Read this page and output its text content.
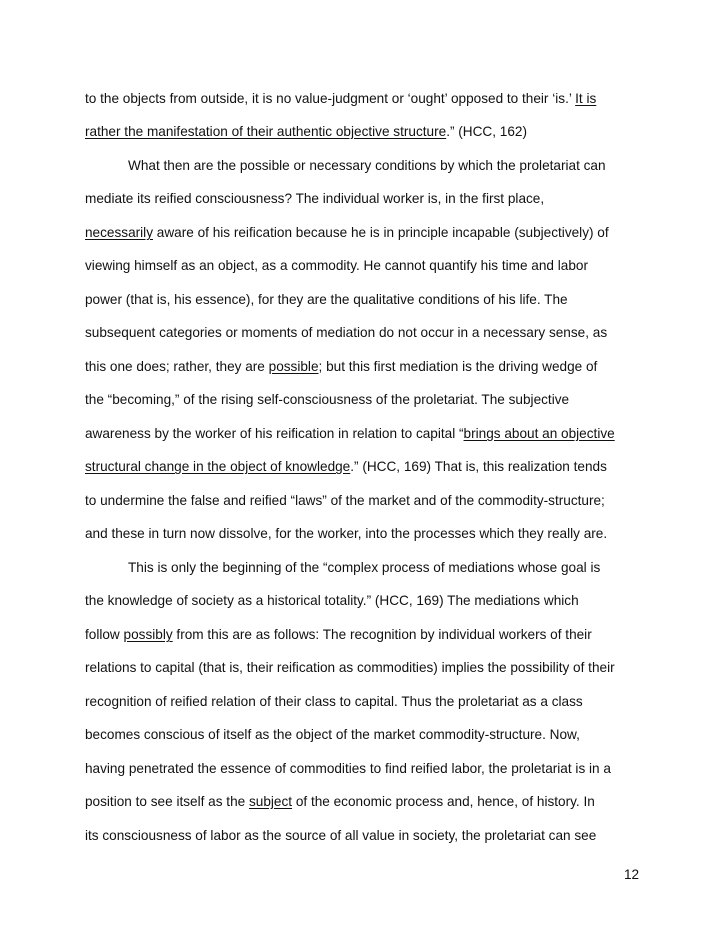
to the objects from outside, it is no value-judgment or ‘ought’ opposed to their ‘is.’ It is
rather the manifestation of their authentic objective structure.” (HCC, 162)
What then are the possible or necessary conditions by which the proletariat can
mediate its reified consciousness? The individual worker is, in the first place,
necessarily aware of his reification because he is in principle incapable (subjectively) of
viewing himself as an object, as a commodity. He cannot quantify his time and labor
power (that is, his essence), for they are the qualitative conditions of his life. The
subsequent categories or moments of mediation do not occur in a necessary sense, as
this one does; rather, they are possible; but this first mediation is the driving wedge of
the “becoming,” of the rising self-consciousness of the proletariat. The subjective
awareness by the worker of his reification in relation to capital “brings about an objective
structural change in the object of knowledge.” (HCC, 169) That is, this realization tends
to undermine the false and reified “laws” of the market and of the commodity-structure;
and these in turn now dissolve, for the worker, into the processes which they really are.
This is only the beginning of the “complex process of mediations whose goal is
the knowledge of society as a historical totality.” (HCC, 169) The mediations which
follow possibly from this are as follows: The recognition by individual workers of their
relations to capital (that is, their reification as commodities) implies the possibility of their
recognition of reified relation of their class to capital. Thus the proletariat as a class
becomes conscious of itself as the object of the market commodity-structure. Now,
having penetrated the essence of commodities to find reified labor, the proletariat is in a
position to see itself as the subject of the economic process and, hence, of history. In
its consciousness of labor as the source of all value in society, the proletariat can see
12
